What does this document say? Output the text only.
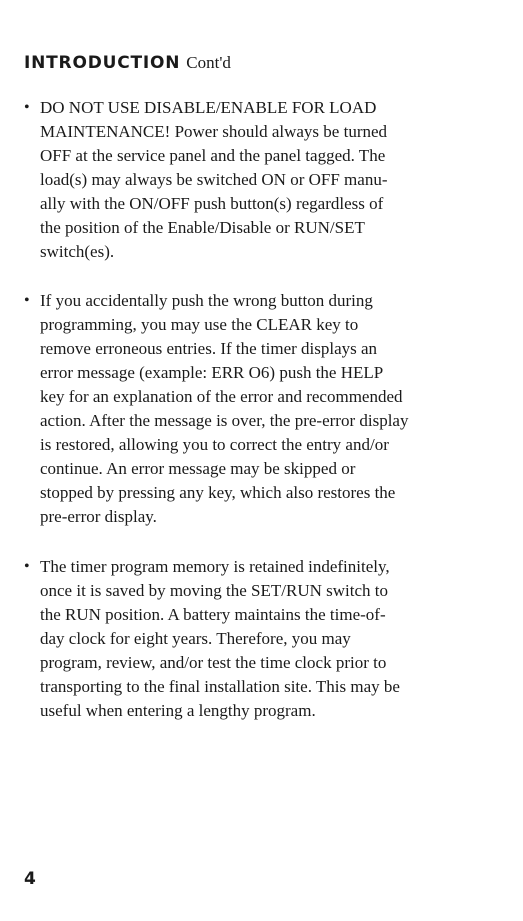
INTRODUCTION Cont'd
• DO NOT USE DISABLE/ENABLE FOR LOAD
MAINTENANCE! Power should always be turned
OFF at the service panel and the panel tagged. The
load(s) may always be switched ON or OFF manu-
ally with the ON/OFF push button(s) regardless of
the position of the Enable/Disable or RUN/SET
switch(es).
• If you accidentally push the wrong button during
programming, you may use the CLEAR key to
remove erroneous entries. If the timer displays an
error message (example: ERR O6) push the HELP
key for an explanation of the error and recommended
action. After the message is over, the pre-error display
is restored, allowing you to correct the entry and/or
continue. An error message may be skipped or
stopped by pressing any key, which also restores the
pre-error display.
• The timer program memory is retained indefinitely,
once it is saved by moving the SET/RUN switch to
the RUN position. A battery maintains the time-of-
day clock for eight years. Therefore, you may
program, review, and/or test the time clock prior to
transporting to the final installation site. This may be
useful when entering a lengthy program.
4
